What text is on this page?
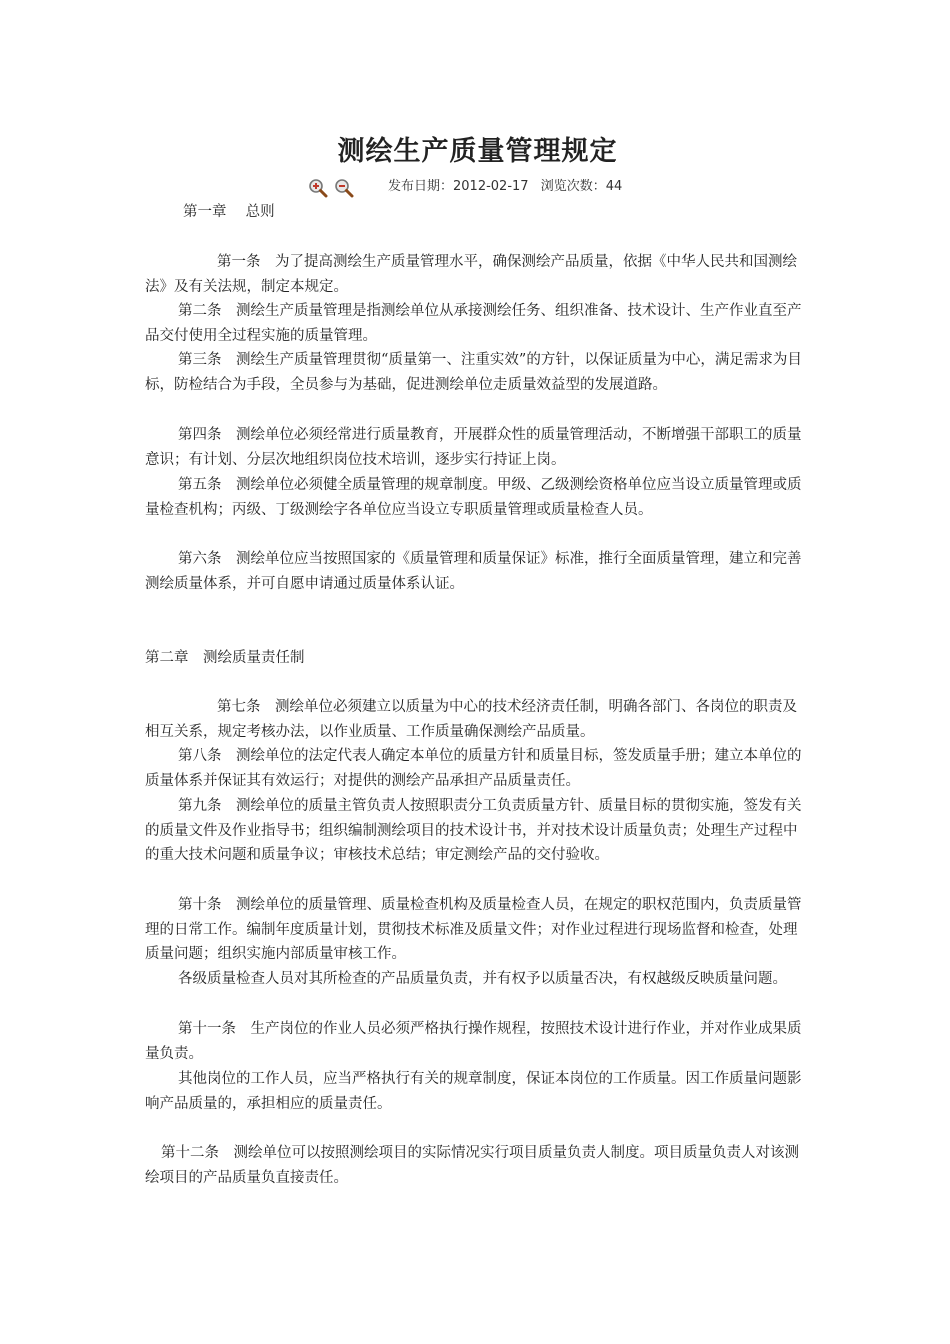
测绘生产质量管理规定
发布日期：2012-02-17 浏览次数：44
第一章　 总则

第一条　为了提高测绘生产质量管理水平，确保测绘产品质量，依据《中华人民共和国测绘法》及有关法规，制定本规定。

第二条　测绘生产质量管理是指测绘单位从承接测绘任务、组织准备、技术设计、生产作业直至产品交付使用全过程实施的质量管理。

第三条　测绘生产质量管理贯彻“质量第一、注重实效”的方针，以保证质量为中心，满足需求为目标，防检结合为手段，全员参与为基础，促进测绘单位走质量效益型的发展道路。

第四条　测绘单位必须经常进行质量教育，开展群众性的质量管理活动，不断增强干部职工的质量意识；有计划、分层次地组织岗位技术培训，逐步实行持证上岗。

第五条　测绘单位必须健全质量管理的规章制度。甲级、乙级测绘资格单位应当设立质量管理或质量检查机构；丙级、丁级测绘字各单位应当设立专职质量管理或质量检查人员。

第六条　测绘单位应当按照国家的《质量管理和质量保证》标准，推行全面质量管理，建立和完善测绘质量体系，并可自愿申请通过质量体系认证。

第二章　测绘质量责任制

第七条　测绘单位必须建立以质量为中心的技术经济责任制，明确各部门、各岗位的职责及相互关系，规定考核办法，以作业质量、工作质量确保测绘产品质量。

第八条　测绘单位的法定代表人确定本单位的质量方针和质量目标，签发质量手册；建立本单位的质量体系并保证其有效运行；对提供的测绘产品承担产品质量责任。

第九条　测绘单位的质量主管负责人按照职责分工负责质量方针、质量目标的贯彻实施，签发有关的质量文件及作业指导书；组织编制测绘项目的技术设计书，并对技术设计质量负责；处理生产过程中的重大技术问题和质量争议；审核技术总结；审定测绘产品的交付验收。

第十条　测绘单位的质量管理、质量检查机构及质量检查人员，在规定的职权范围内，负责质量管理的日常工作。编制年度质量计划，贯彻技术标准及质量文件；对作业过程进行现场监督和检查，处理质量问题；组织实施内部质量审核工作。

各级质量检查人员对其所检查的产品质量负责，并有权予以质量否决，有权越级反映质量问题。

第十一条　生产岗位的作业人员必须严格执行操作规程，按照技术设计进行作业，并对作业成果质量负责。

其他岗位的工作人员，应当严格执行有关的规章制度，保证本岗位的工作质量。因工作质量问题影响产品质量的，承担相应的质量责任。

第十二条　测绘单位可以按照测绘项目的实际情况实行项目质量负责人制度。项目质量负责人对该测绘项目的产品质量负直接责任。
